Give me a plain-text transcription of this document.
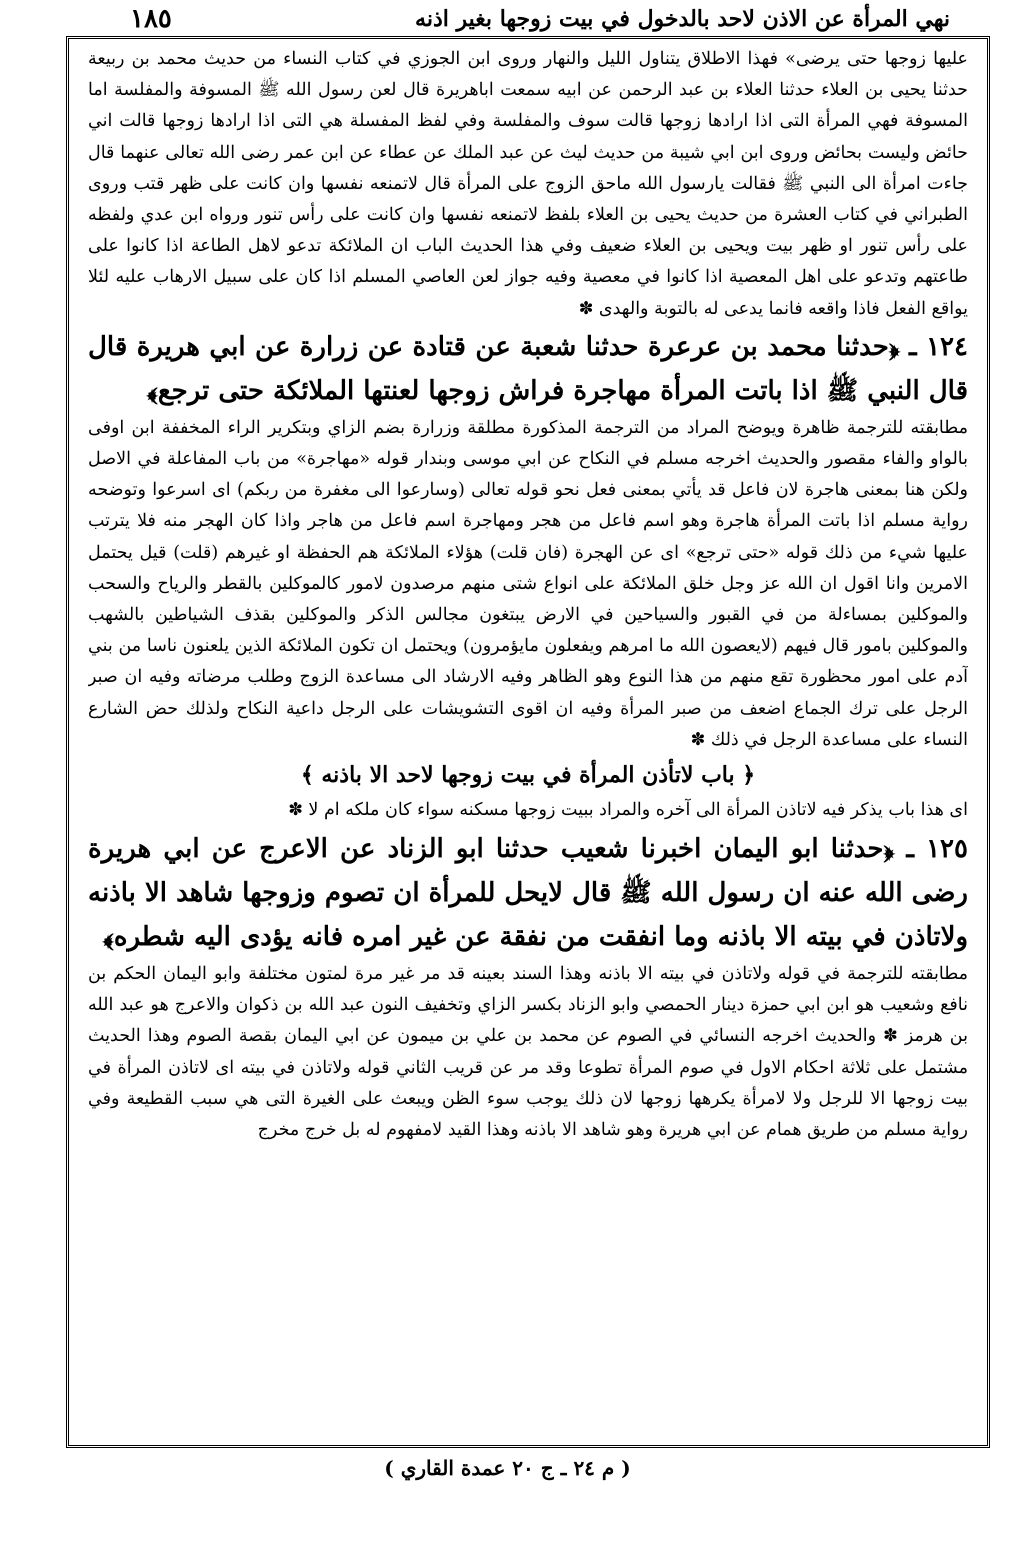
١٨٥	نهي المرأة عن الاذن لاحد بالدخول في بيت زوجها بغير اذنه

عليها زوجها حتى يرضى» فهذا الاطلاق يتناول الليل والنهار وروى ابن الجوزي في كتاب النساء من حديث محمد بن ربيعة حدثنا يحيى بن العلاء حدثنا العلاء بن عبد الرحمن عن ابيه سمعت اباهريرة قال لعن رسول الله ﷺ المسوفة والمفلسة اما المسوفة فهي المرأة التى اذا ارادها زوجها قالت سوف والمفلسة وفي لفظ المفسلة هي التى اذا ارادها زوجها قالت اني حائض وليست بحائض وروى ابن ابي شيبة من حديث ليث عن عبد الملك عن عطاء عن ابن عمر رضى الله تعالى عنهما قال جاءت امرأة الى النبي ﷺ فقالت يارسول الله ماحق الزوج على المرأة قال لاتمنعه نفسها وان كانت على ظهر قتب وروى الطبراني في كتاب العشرة من حديث يحيى بن العلاء بلفظ لاتمنعه نفسها وان كانت على رأس تنور ورواه ابن عدي ولفظه على رأس تنور او ظهر بيت ويحيى بن العلاء ضعيف وفي هذا الحديث الباب ان الملائكة تدعو لاهل الطاعة اذا كانوا على طاعتهم وتدعو على اهل المعصية اذا كانوا في معصية وفيه جواز لعن العاصي المسلم اذا كان على سبيل الارهاب عليه لئلا يواقع الفعل فاذا واقعه فانما يدعى له بالتوبة والهدى ✽

١٢٤ ـ ﴿حدثنا محمد بن عرعرة حدثنا شعبة عن قتادة عن زرارة عن ابي هريرة قال قال النبي ﷺ اذا باتت المرأة مهاجرة فراش زوجها لعنتها الملائكة حتى ترجع﴾

مطابقته للترجمة ظاهرة ويوضح المراد من الترجمة المذكورة مطلقة وزرارة بضم الزاي وبتكرير الراء المخففة ابن اوفى بالواو والفاء مقصور والحديث اخرجه مسلم في النكاح عن ابي موسى وبندار قوله «مهاجرة» من باب المفاعلة في الاصل ولكن هنا بمعنى هاجرة لان فاعل قد يأتي بمعنى فعل نحو قوله تعالى (وسارعوا الى مغفرة من ربكم) اى اسرعوا وتوضحه رواية مسلم اذا باتت المرأة هاجرة وهو اسم فاعل من هجر ومهاجرة اسم فاعل من هاجر واذا كان الهجر منه فلا يترتب عليها شيء من ذلك قوله «حتى ترجع» اى عن الهجرة (فان قلت) هؤلاء الملائكة هم الحفظة او غيرهم (قلت) قيل يحتمل الامرين وانا اقول ان الله عز وجل خلق الملائكة على انواع شتى منهم مرصدون لامور كالموكلين بالقطر والرياح والسحب والموكلين بمساءلة من في القبور والسياحين في الارض يبتغون مجالس الذكر والموكلين بقذف الشياطين بالشهب والموكلين بامور قال فيهم (لايعصون الله ما امرهم ويفعلون مايؤمرون) ويحتمل ان تكون الملائكة الذين يلعنون ناسا من بني آدم على امور محظورة تقع منهم من هذا النوع وهو الظاهر وفيه الارشاد الى مساعدة الزوج وطلب مرضاته وفيه ان صبر الرجل على ترك الجماع اضعف من صبر المرأة وفيه ان اقوى التشويشات على الرجل داعية النكاح ولذلك حض الشارع النساء على مساعدة الرجل في ذلك ✽

﴿ باب لاتأذن المرأة في بيت زوجها لاحد الا باذنه ﴾

اى هذا باب يذكر فيه لاتاذن المرأة الى آخره والمراد ببيت زوجها مسكنه سواء كان ملكه ام لا ✽

١٢٥ ـ ﴿حدثنا ابو اليمان اخبرنا شعيب حدثنا ابو الزناد عن الاعرج عن ابي هريرة رضى الله عنه ان رسول الله ﷺ قال لايحل للمرأة ان تصوم وزوجها شاهد الا باذنه ولاتاذن في بيته الا باذنه وما انفقت من نفقة عن غير امره فانه يؤدى اليه شطره﴾

مطابقته للترجمة في قوله ولاتاذن في بيته الا باذنه وهذا السند بعينه قد مر غير مرة لمتون مختلفة وابو اليمان الحكم بن نافع وشعيب هو ابن ابي حمزة دينار الحمصي وابو الزناد بكسر الزاي وتخفيف النون عبد الله بن ذكوان والاعرج هو عبد الله بن هرمز ✽ والحديث اخرجه النسائي في الصوم عن محمد بن علي بن ميمون عن ابي اليمان بقصة الصوم وهذا الحديث مشتمل على ثلاثة احكام الاول في صوم المرأة تطوعا وقد مر عن قريب الثاني قوله ولاتاذن في بيته اى لاتاذن المرأة في بيت زوجها الا للرجل ولا لامرأة يكرهها زوجها لان ذلك يوجب سوء الظن ويبعث على الغيرة التى هي سبب القطيعة وفي رواية مسلم من طريق همام عن ابي هريرة وهو شاهد الا باذنه وهذا القيد لامفهوم له بل خرج مخرج

( م ٢٤ ـ ج ٢٠ عمدة القاري )
